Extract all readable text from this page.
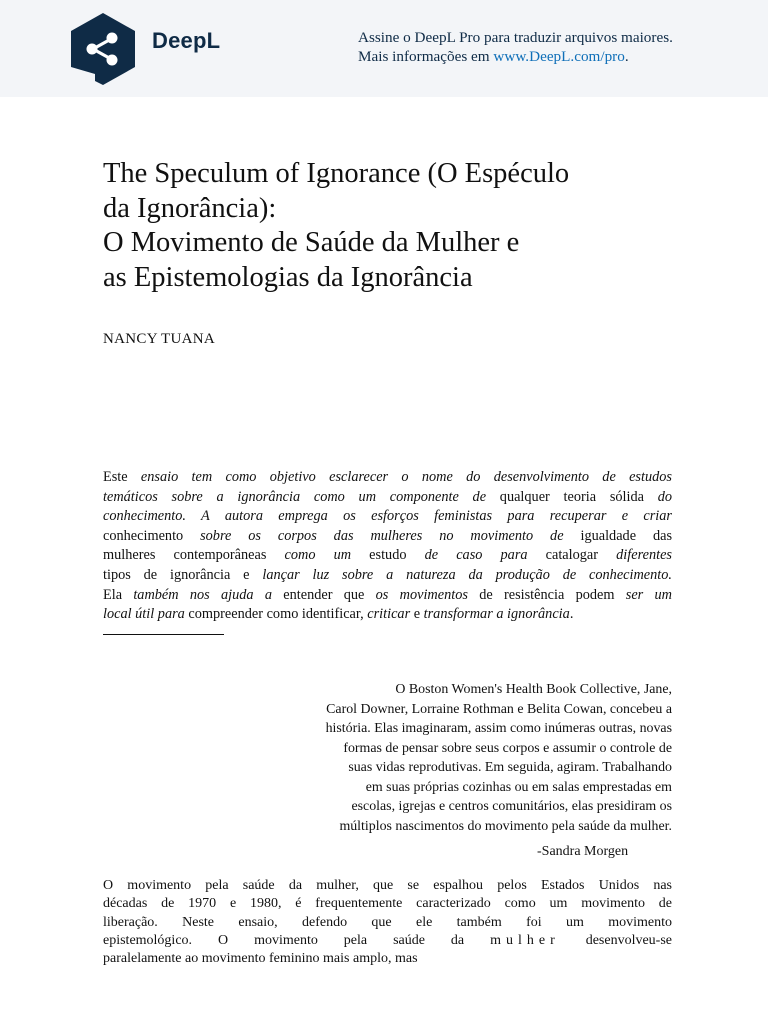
DeepL	Assine o DeepL Pro para traduzir arquivos maiores.
Mais informações em www.DeepL.com/pro.
The Speculum of Ignorance (O Espéculo
da Ignorância):
O Movimento de Saúde da Mulher e
as Epistemologias da Ignorância
NANCY TUANA
Este ensaio tem como objetivo esclarecer o nome do desenvolvimento de estudos
temáticos sobre a ignorância como um componente de qualquer teoria sólida do
conhecimento. A autora emprega os esforços feministas para recuperar e criar
conhecimento sobre os corpos das mulheres no movimento de igualdade das
mulheres contemporâneas como um estudo de caso para catalogar diferentes
tipos de ignorância e lançar luz sobre a natureza da produção de conhecimento.
Ela também nos ajuda a entender que os movimentos de resistência podem ser um
local útil para compreender como identificar, criticar e transformar a ignorância.
O Boston Women's Health Book Collective, Jane,
Carol Downer, Lorraine Rothman e Belita Cowan, concebeu a
história. Elas imaginaram, assim como inúmeras outras, novas
formas de pensar sobre seus corpos e assumir o controle de
suas vidas reprodutivas. Em seguida, agiram. Trabalhando
em suas próprias cozinhas ou em salas emprestadas em
escolas, igrejas e centros comunitários, elas presidiram os
múltiplos nascimentos do movimento pela saúde da mulher.
-Sandra Morgen
O movimento pela saúde da mulher, que se espalhou pelos Estados Unidos nas
décadas de 1970 e 1980, é frequentemente caracterizado como um movimento de
liberação. Neste ensaio, defendo que ele também foi um movimento
epistemológico. O movimento pela saúde da mulher desenvolveu-se
paralelamente ao movimento feminino mais amplo, mas
